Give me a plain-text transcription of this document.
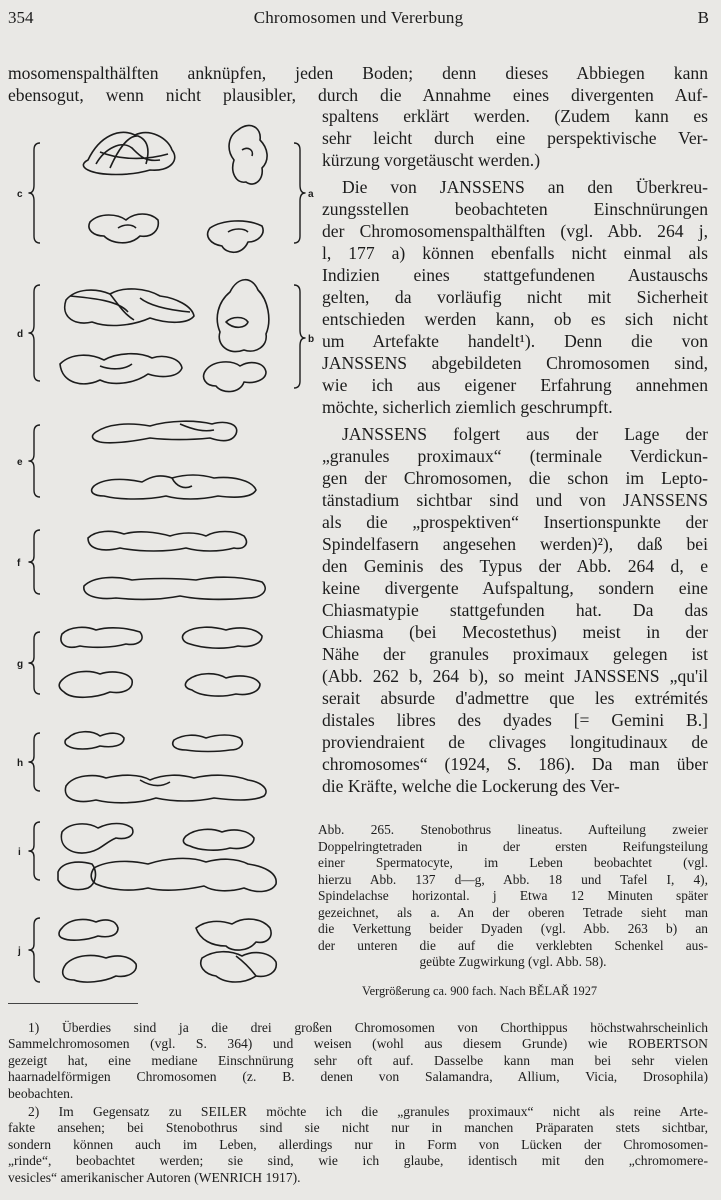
354	Chromosomen und Vererbung	B
mosomenspalthälften anknüpfen, jeden Boden; denn dieses Abbiegen kann
ebensogut, wenn nicht plausibler, durch die Annahme eines divergenten Auf-
spaltens erklärt werden. (Zudem kann es
sehr leicht durch eine perspektivische Ver-
kürzung vorgetäuscht werden.)
Die von JANSSENS an den Überkreu-
zungsstellen beobachteten Einschnürungen
der Chromosomenspalthälften (vgl. Abb. 264 j,
l, 177 a) können ebenfalls nicht einmal als
Indizien eines stattgefundenen Austauschs
gelten, da vorläufig nicht mit Sicherheit
entschieden werden kann, ob es sich nicht
um Artefakte handelt¹). Denn die von
JANSSENS abgebildeten Chromosomen sind,
wie ich aus eigener Erfahrung annehmen
möchte, sicherlich ziemlich geschrumpft.
JANSSENS folgert aus der Lage der
„granules proximaux“ (terminale Verdickun-
gen der Chromosomen, die schon im Lepto-
tänstadium sichtbar sind und von JANSSENS
als die „prospektiven“ Insertionspunkte der
Spindelfasern angesehen werden)²), daß bei
den Geminis des Typus der Abb. 264 d, e
keine divergente Aufspaltung, sondern eine
Chiasmatypie stattgefunden hat. Da das
Chiasma (bei Mecostethus) meist in der
Nähe der granules proximaux gelegen ist
(Abb. 262 b, 264 b), so meint JANSSENS „qu'il
serait absurde d'admettre que les extrémités
distales libres des dyades [= Gemini B.]
proviendraient de clivages longitudinaux de
chromosomes“ (1924, S. 186). Da man über
die Kräfte, welche die Lockerung des Ver-
c	a
d	b
e
f
g
h
i
j
Abb. 265. Stenobothrus lineatus. Aufteilung zweier
Doppelringtetraden in der ersten Reifungsteilung
einer Spermatocyte, im Leben beobachtet (vgl.
hierzu Abb. 137 d—g, Abb. 18 und Tafel I, 4),
Spindelachse horizontal. j Etwa 12 Minuten später
gezeichnet, als a. An der oberen Tetrade sieht man
die Verkettung beider Dyaden (vgl. Abb. 263 b) an
der unteren die auf die verklebten Schenkel aus-
geübte Zugwirkung (vgl. Abb. 58).
Vergrößerung ca. 900 fach. Nach BĚLAŘ 1927
1) Überdies sind ja die drei großen Chromosomen von Chorthippus höchstwahrscheinlich
Sammelchromosomen (vgl. S. 364) und weisen (wohl aus diesem Grunde) wie ROBERTSON
gezeigt hat, eine mediane Einschnürung sehr oft auf. Dasselbe kann man bei sehr vielen
haarnadelförmigen Chromosomen (z. B. denen von Salamandra, Allium, Vicia, Drosophila)
beobachten.
2) Im Gegensatz zu SEILER möchte ich die „granules proximaux“ nicht als reine Arte-
fakte ansehen; bei Stenobothrus sind sie nicht nur in manchen Präparaten stets sichtbar,
sondern können auch im Leben, allerdings nur in Form von Lücken der Chromosomen-
„rinde“, beobachtet werden; sie sind, wie ich glaube, identisch mit den „chromomere-
vesicles“ amerikanischer Autoren (WENRICH 1917).
